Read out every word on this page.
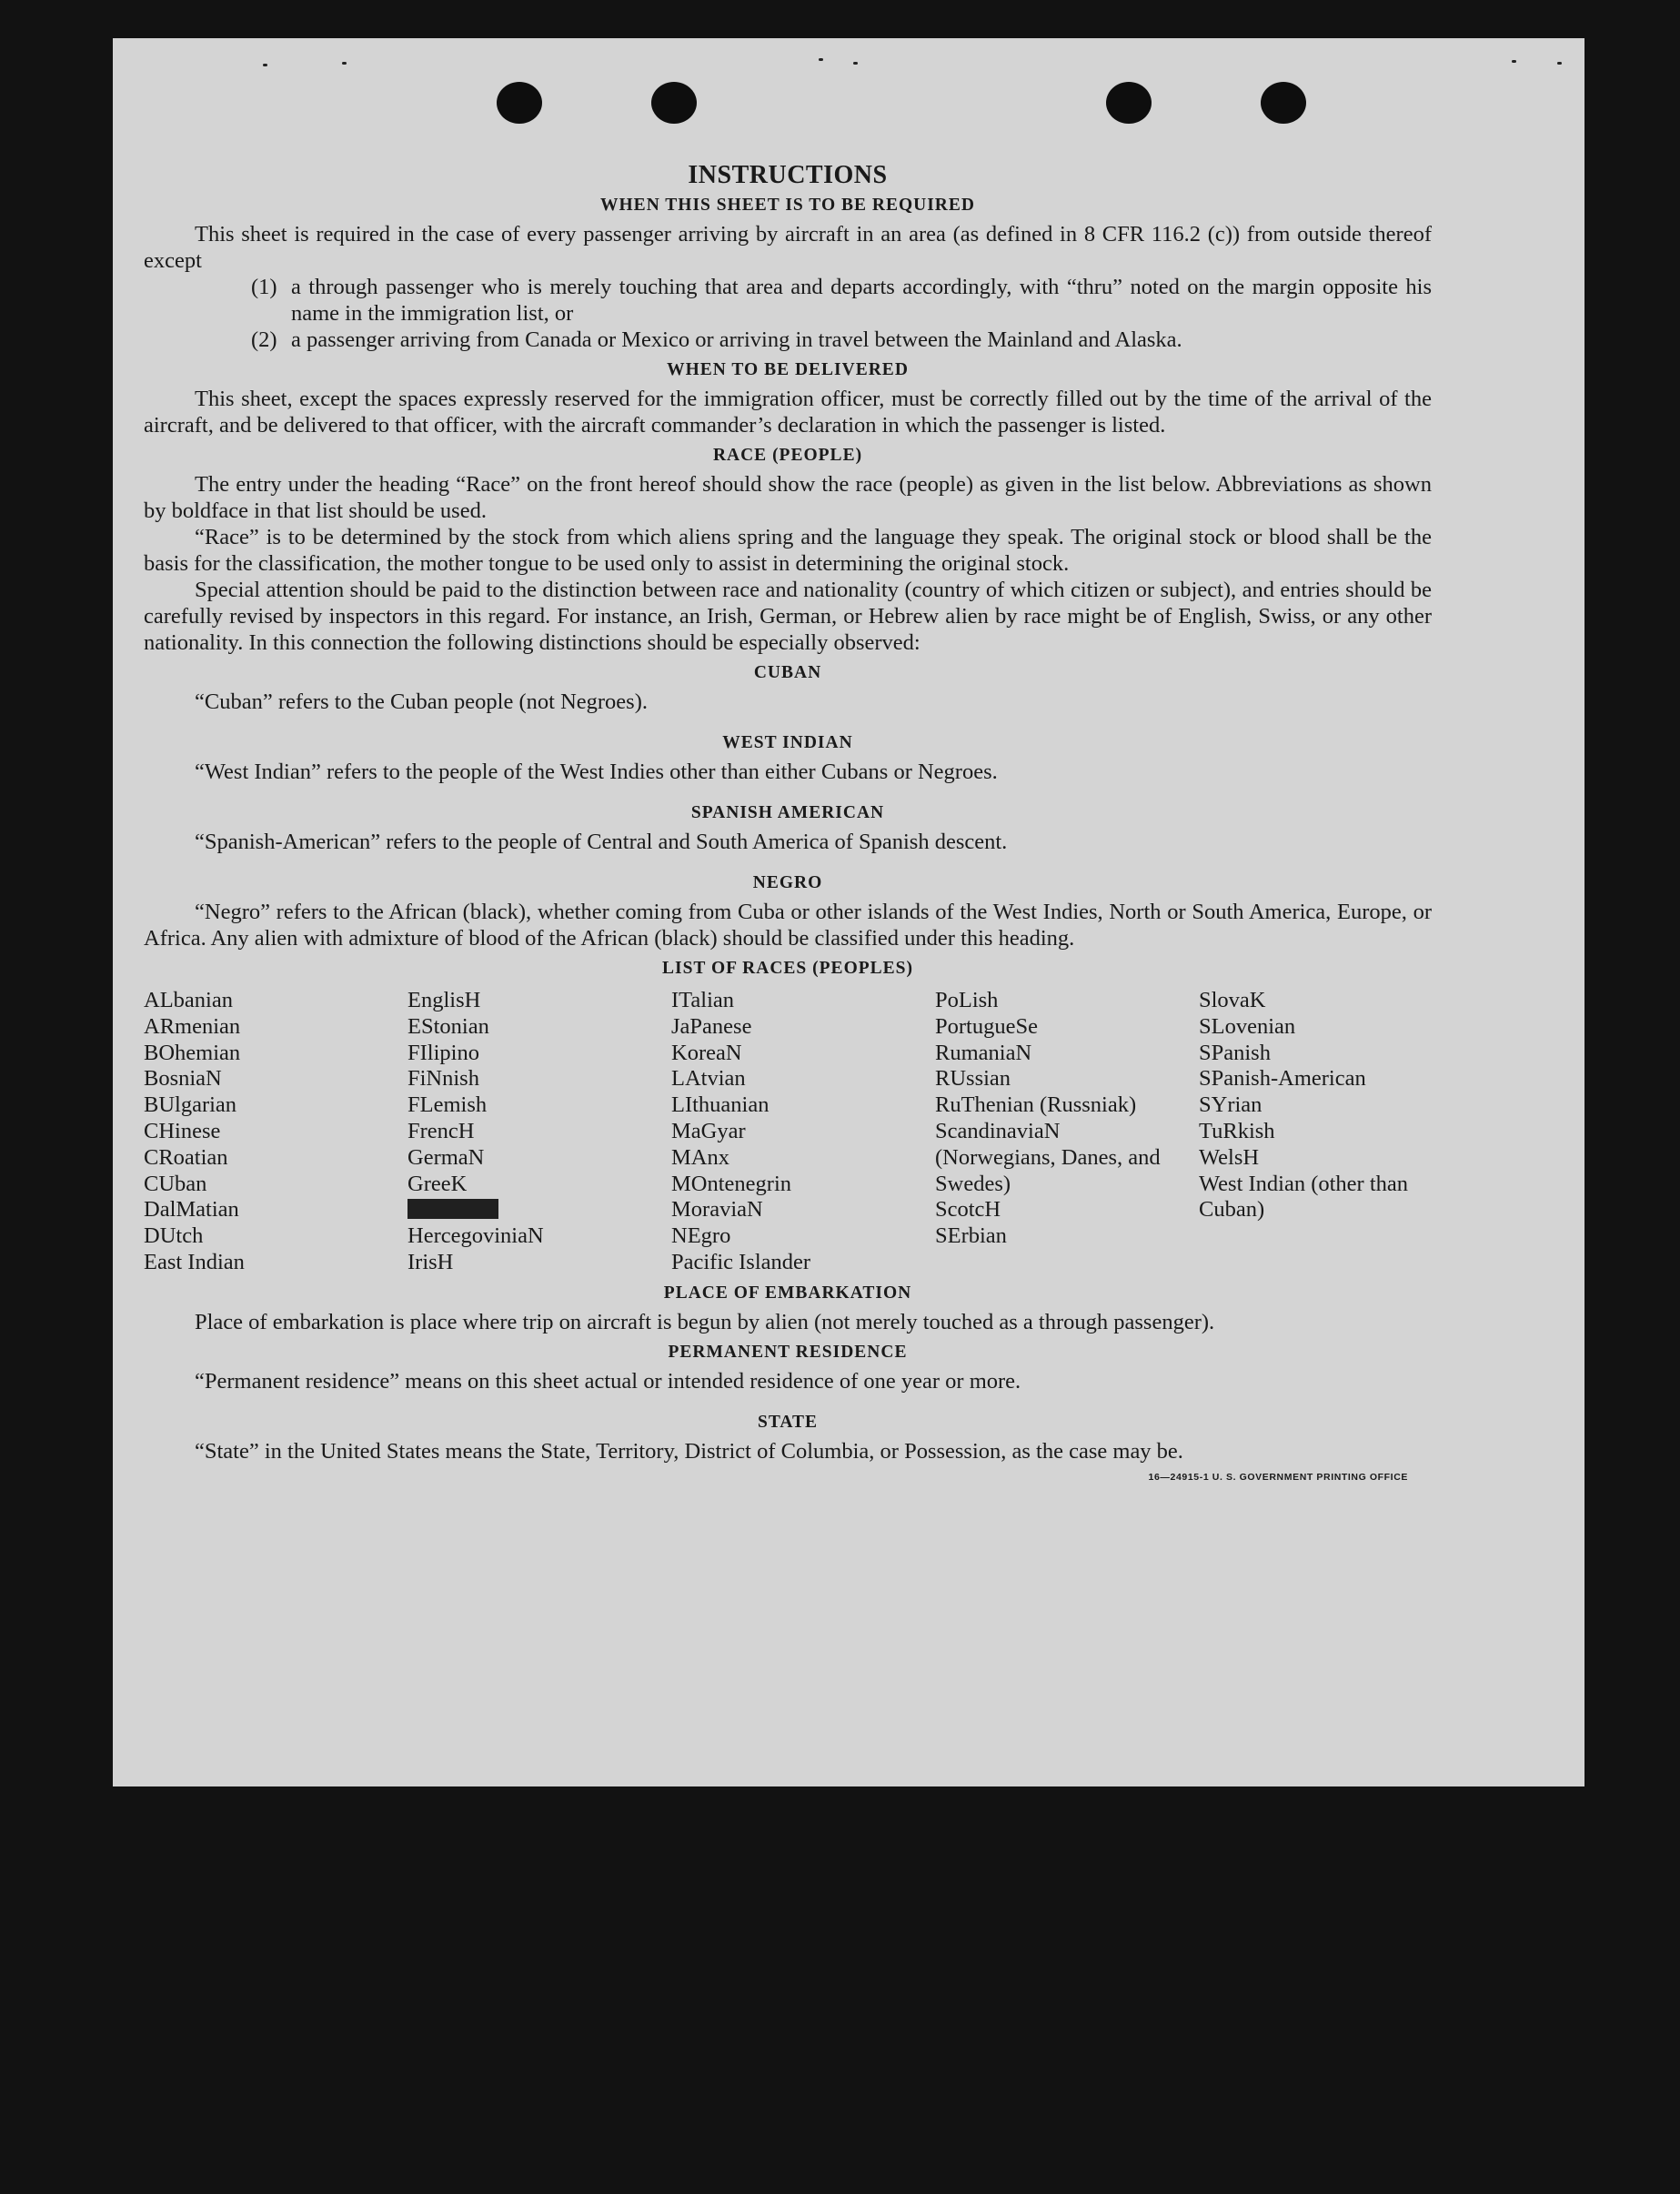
INSTRUCTIONS
WHEN THIS SHEET IS TO BE REQUIRED

This sheet is required in the case of every passenger arriving by aircraft in an area (as defined in 8 CFR 116.2 (c)) from outside thereof except

(1) a through passenger who is merely touching that area and departs accordingly, with “thru” noted on the margin opposite his name in the immigration list, or
(2) a passenger arriving from Canada or Mexico or arriving in travel between the Mainland and Alaska.
WHEN TO BE DELIVERED

This sheet, except the spaces expressly reserved for the immigration officer, must be correctly filled out by the time of the arrival of the aircraft, and be delivered to that officer, with the aircraft commander’s declaration in which the passenger is listed.

RACE (PEOPLE)

The entry under the heading “Race” on the front hereof should show the race (people) as given in the list below. Abbreviations as shown by boldface in that list should be used.

“Race” is to be determined by the stock from which aliens spring and the language they speak. The original stock or blood shall be the basis for the classification, the mother tongue to be used only to assist in determining the original stock.

Special attention should be paid to the distinction between race and nationality (country of which citizen or subject), and entries should be carefully revised by inspectors in this regard. For instance, an Irish, German, or Hebrew alien by race might be of English, Swiss, or any other nationality. In this connection the following distinctions should be especially observed:

CUBAN

“Cuban” refers to the Cuban people (not Negroes).

WEST INDIAN

“West Indian” refers to the people of the West Indies other than either Cubans or Negroes.

SPANISH AMERICAN

“Spanish-American” refers to the people of Central and South America of Spanish descent.

NEGRO

“Negro” refers to the African (black), whether coming from Cuba or other islands of the West Indies, North or South America, Europe, or Africa. Any alien with admixture of blood of the African (black) should be classified under this heading.

LIST OF RACES (PEOPLES)
ALbanian
ARmenian
BOhemian
BosniaN
BUlgarian
CHinese
CRoatian
CUban
DalMatian
DUtch
East Indian
EnglisH
EStonian
FIlipino
FiNnish
FLemish
FrencH
GermaN
GreeK
HercegoviniaN
IrisH
ITalian
JaPanese
KoreaN
LAtvian
LIthuanian
MaGyar
MAnx
MOntenegrin
MoraviaN
NEgro
Pacific Islander
PoLish
PortugueSe
RumaniaN
RUssian
RuThenian (Russniak)
ScandinaviaN (Norwegians, Danes, and Swedes)
ScotcH
SErbian
SlovaK
SLovenian
SPanish
SPanish-American
SYrian
TuRkish
WelsH
West Indian (other than Cuban)
PLACE OF EMBARKATION

Place of embarkation is place where trip on aircraft is begun by alien (not merely touched as a through passenger).

PERMANENT RESIDENCE

“Permanent residence” means on this sheet actual or intended residence of one year or more.

STATE

“State” in the United States means the State, Territory, District of Columbia, or Possession, as the case may be.

16—24915-1 U. S. GOVERNMENT PRINTING OFFICE
